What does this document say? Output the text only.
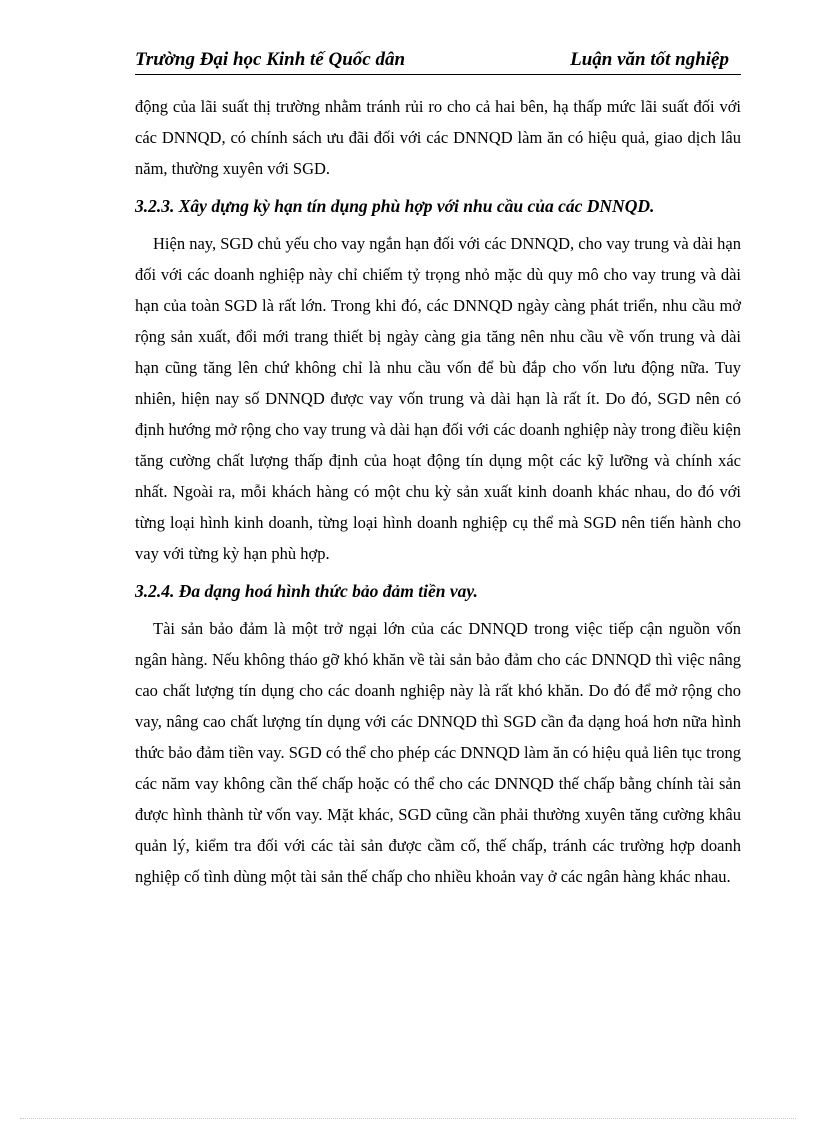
Trường Đại học Kinh tế Quốc dân	Luận văn tốt nghiệp

động của lãi suất thị trường nhằm tránh rủi ro cho cả hai bên, hạ thấp mức lãi suất đối với các DNNQD, có chính sách ưu đãi đối với các DNNQD làm ăn có hiệu quả, giao dịch lâu năm, thường xuyên với SGD.

3.2.3. Xây dựng kỳ hạn tín dụng phù hợp với nhu cầu của các DNNQD.

Hiện nay, SGD chủ yếu cho vay ngắn hạn đối với các DNNQD, cho vay trung và dài hạn đối với các doanh nghiệp này chỉ chiếm tỷ trọng nhỏ mặc dù quy mô cho vay trung và dài hạn của toàn SGD là rất lớn. Trong khi đó, các DNNQD ngày càng phát triển, nhu cầu mở rộng sản xuất, đổi mới trang thiết bị ngày càng gia tăng nên nhu cầu về vốn trung và dài hạn cũng tăng lên chứ không chỉ là nhu cầu vốn để bù đắp cho vốn lưu động nữa. Tuy nhiên, hiện nay số DNNQD được vay vốn trung và dài hạn là rất ít. Do đó, SGD nên có định hướng mở rộng cho vay trung và dài hạn đối với các doanh nghiệp này trong điều kiện tăng cường chất lượng thấp định của hoạt động tín dụng một các kỹ lưỡng và chính xác nhất. Ngoài ra, mỗi khách hàng có một chu kỳ sản xuất kinh doanh khác nhau, do đó với từng loại hình kinh doanh, từng loại hình doanh nghiệp cụ thể mà SGD nên tiến hành cho vay với từng kỳ hạn phù hợp.

3.2.4. Đa dạng hoá hình thức bảo đảm tiền vay.

Tài sản bảo đảm là một trở ngại lớn của các DNNQD trong việc tiếp cận nguồn vốn ngân hàng. Nếu không tháo gỡ khó khăn về tài sản bảo đảm cho các DNNQD thì việc nâng cao chất lượng tín dụng cho các doanh nghiệp này là rất khó khăn. Do đó để mở rộng cho vay, nâng cao chất lượng tín dụng với các DNNQD thì SGD cần đa dạng hoá hơn nữa hình thức bảo đảm tiền vay. SGD có thể cho phép các DNNQD làm ăn có hiệu quả liên tục trong các năm vay không cần thế chấp hoặc có thể cho các DNNQD thế chấp bằng chính tài sản được hình thành từ vốn vay. Mặt khác, SGD cũng cần phải thường xuyên tăng cường khâu quản lý, kiểm tra đối với các tài sản được cầm cố, thế chấp, tránh các trường hợp doanh nghiệp cố tình dùng một tài sản thế chấp cho nhiều khoản vay ở các ngân hàng khác nhau.
